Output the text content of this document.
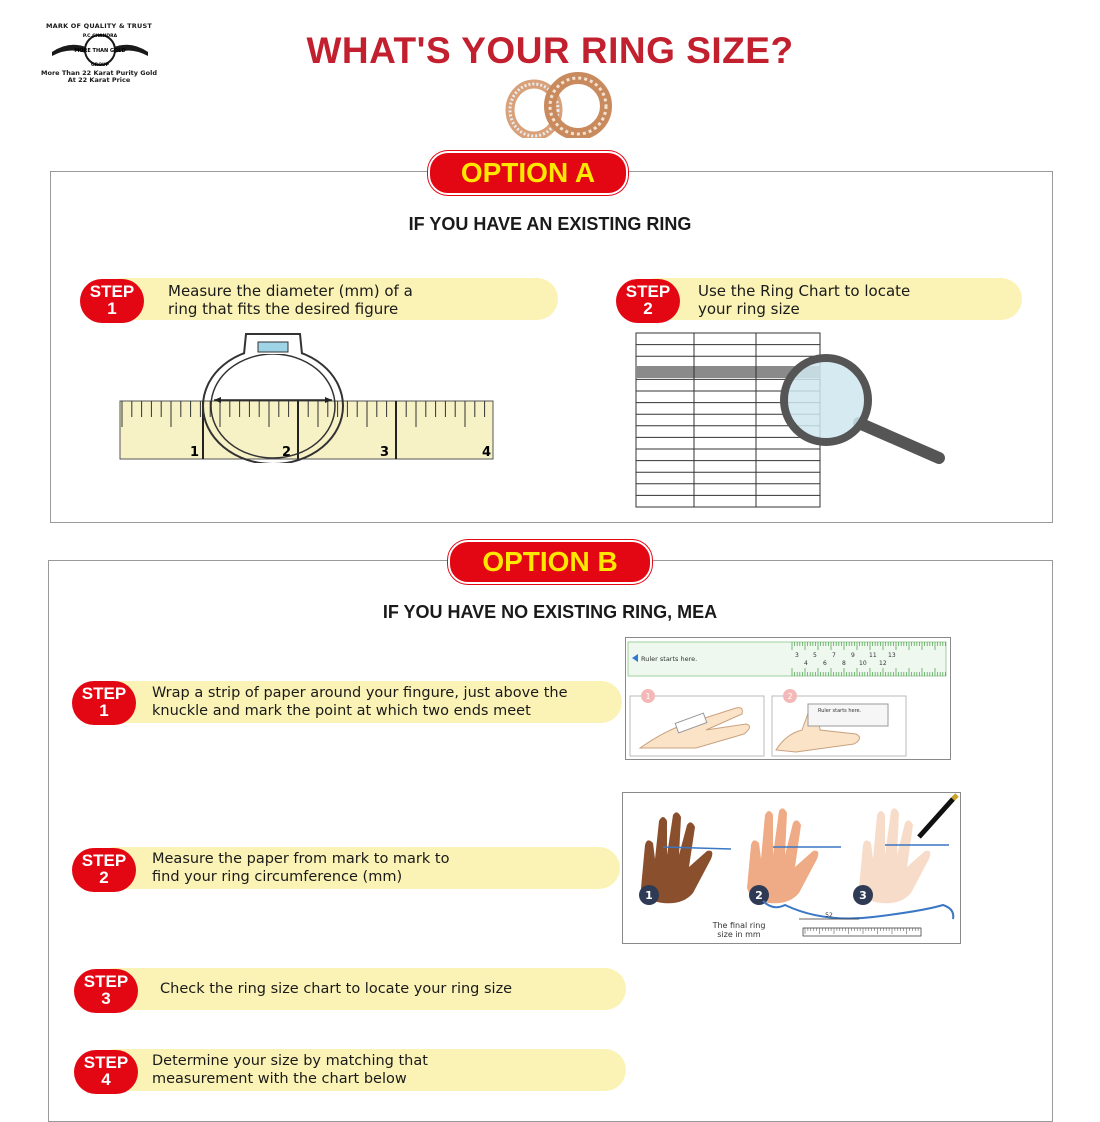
MARK OF QUALITY & TRUST
P.C.CHANDRA
MORE THAN GOLD
GROUP
More Than 22 Karat Purity Gold
At 22 Karat Price
WHAT'S YOUR RING SIZE?
OPTION A
IF YOU HAVE AN EXISTING RING
STEP
1
Measure the diameter (mm) of a
ring that fits the desired figure
STEP
2
Use the Ring Chart to locate
your ring size
1	2	3	4
OPTION B
IF YOU HAVE NO EXISTING RING, MEA
STEP
1
Wrap a strip of paper around your fingure, just above the
knuckle and mark the point at which two ends meet
STEP
2
Measure the paper from mark to mark to
find your ring circumference (mm)
STEP
3	Check the ring size chart to locate your ring size
STEP
4
Determine your size by matching that
measurement with the chart below
Ruler starts here.	3 5	7	9 11 13
4	6	8 10 12
1	2
Ruler starts here.
1	2	3
52
The final ring
size in mm
